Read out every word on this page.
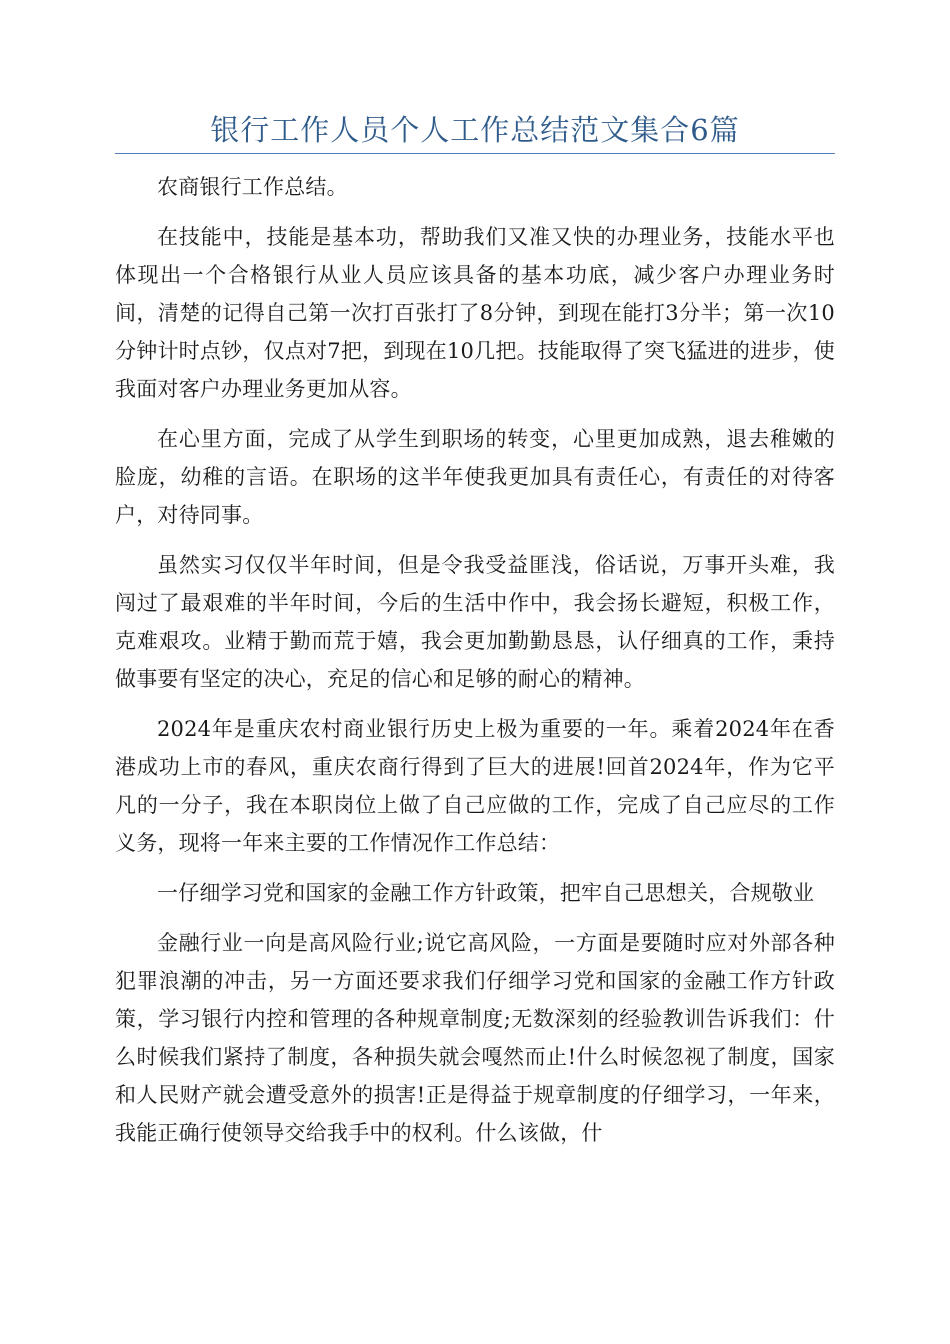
银行工作人员个人工作总结范文集合6篇

农商银行工作总结。

在技能中，技能是基本功，帮助我们又准又快的办理业务，技能水平也体现出一个合格银行从业人员应该具备的基本功底，减少客户办理业务时间，清楚的记得自己第一次打百张打了8分钟，到现在能打3分半；第一次10分钟计时点钞，仅点对7把，到现在10几把。技能取得了突飞猛进的进步，使我面对客户办理业务更加从容。

在心里方面，完成了从学生到职场的转变，心里更加成熟，退去稚嫩的脸庞，幼稚的言语。在职场的这半年使我更加具有责任心，有责任的对待客户，对待同事。

虽然实习仅仅半年时间，但是令我受益匪浅，俗话说，万事开头难，我闯过了最艰难的半年时间，今后的生活中作中，我会扬长避短，积极工作，克难艰攻。业精于勤而荒于嬉，我会更加勤勤恳恳，认仔细真的工作，秉持做事要有坚定的决心，充足的信心和足够的耐心的精神。

2024年是重庆农村商业银行历史上极为重要的一年。乘着2024年在香港成功上市的春风，重庆农商行得到了巨大的进展!回首2024年，作为它平凡的一分子，我在本职岗位上做了自己应做的工作，完成了自己应尽的工作义务，现将一年来主要的工作情况作工作总结：

一仔细学习党和国家的金融工作方针政策，把牢自己思想关，合规敬业

金融行业一向是高风险行业;说它高风险，一方面是要随时应对外部各种犯罪浪潮的冲击，另一方面还要求我们仔细学习党和国家的金融工作方针政策，学习银行内控和管理的各种规章制度;无数深刻的经验教训告诉我们：什么时候我们紧持了制度，各种损失就会嘎然而止!什么时候忽视了制度，国家和人民财产就会遭受意外的损害!正是得益于规章制度的仔细学习，一年来，我能正确行使领导交给我手中的权利。什么该做，什
